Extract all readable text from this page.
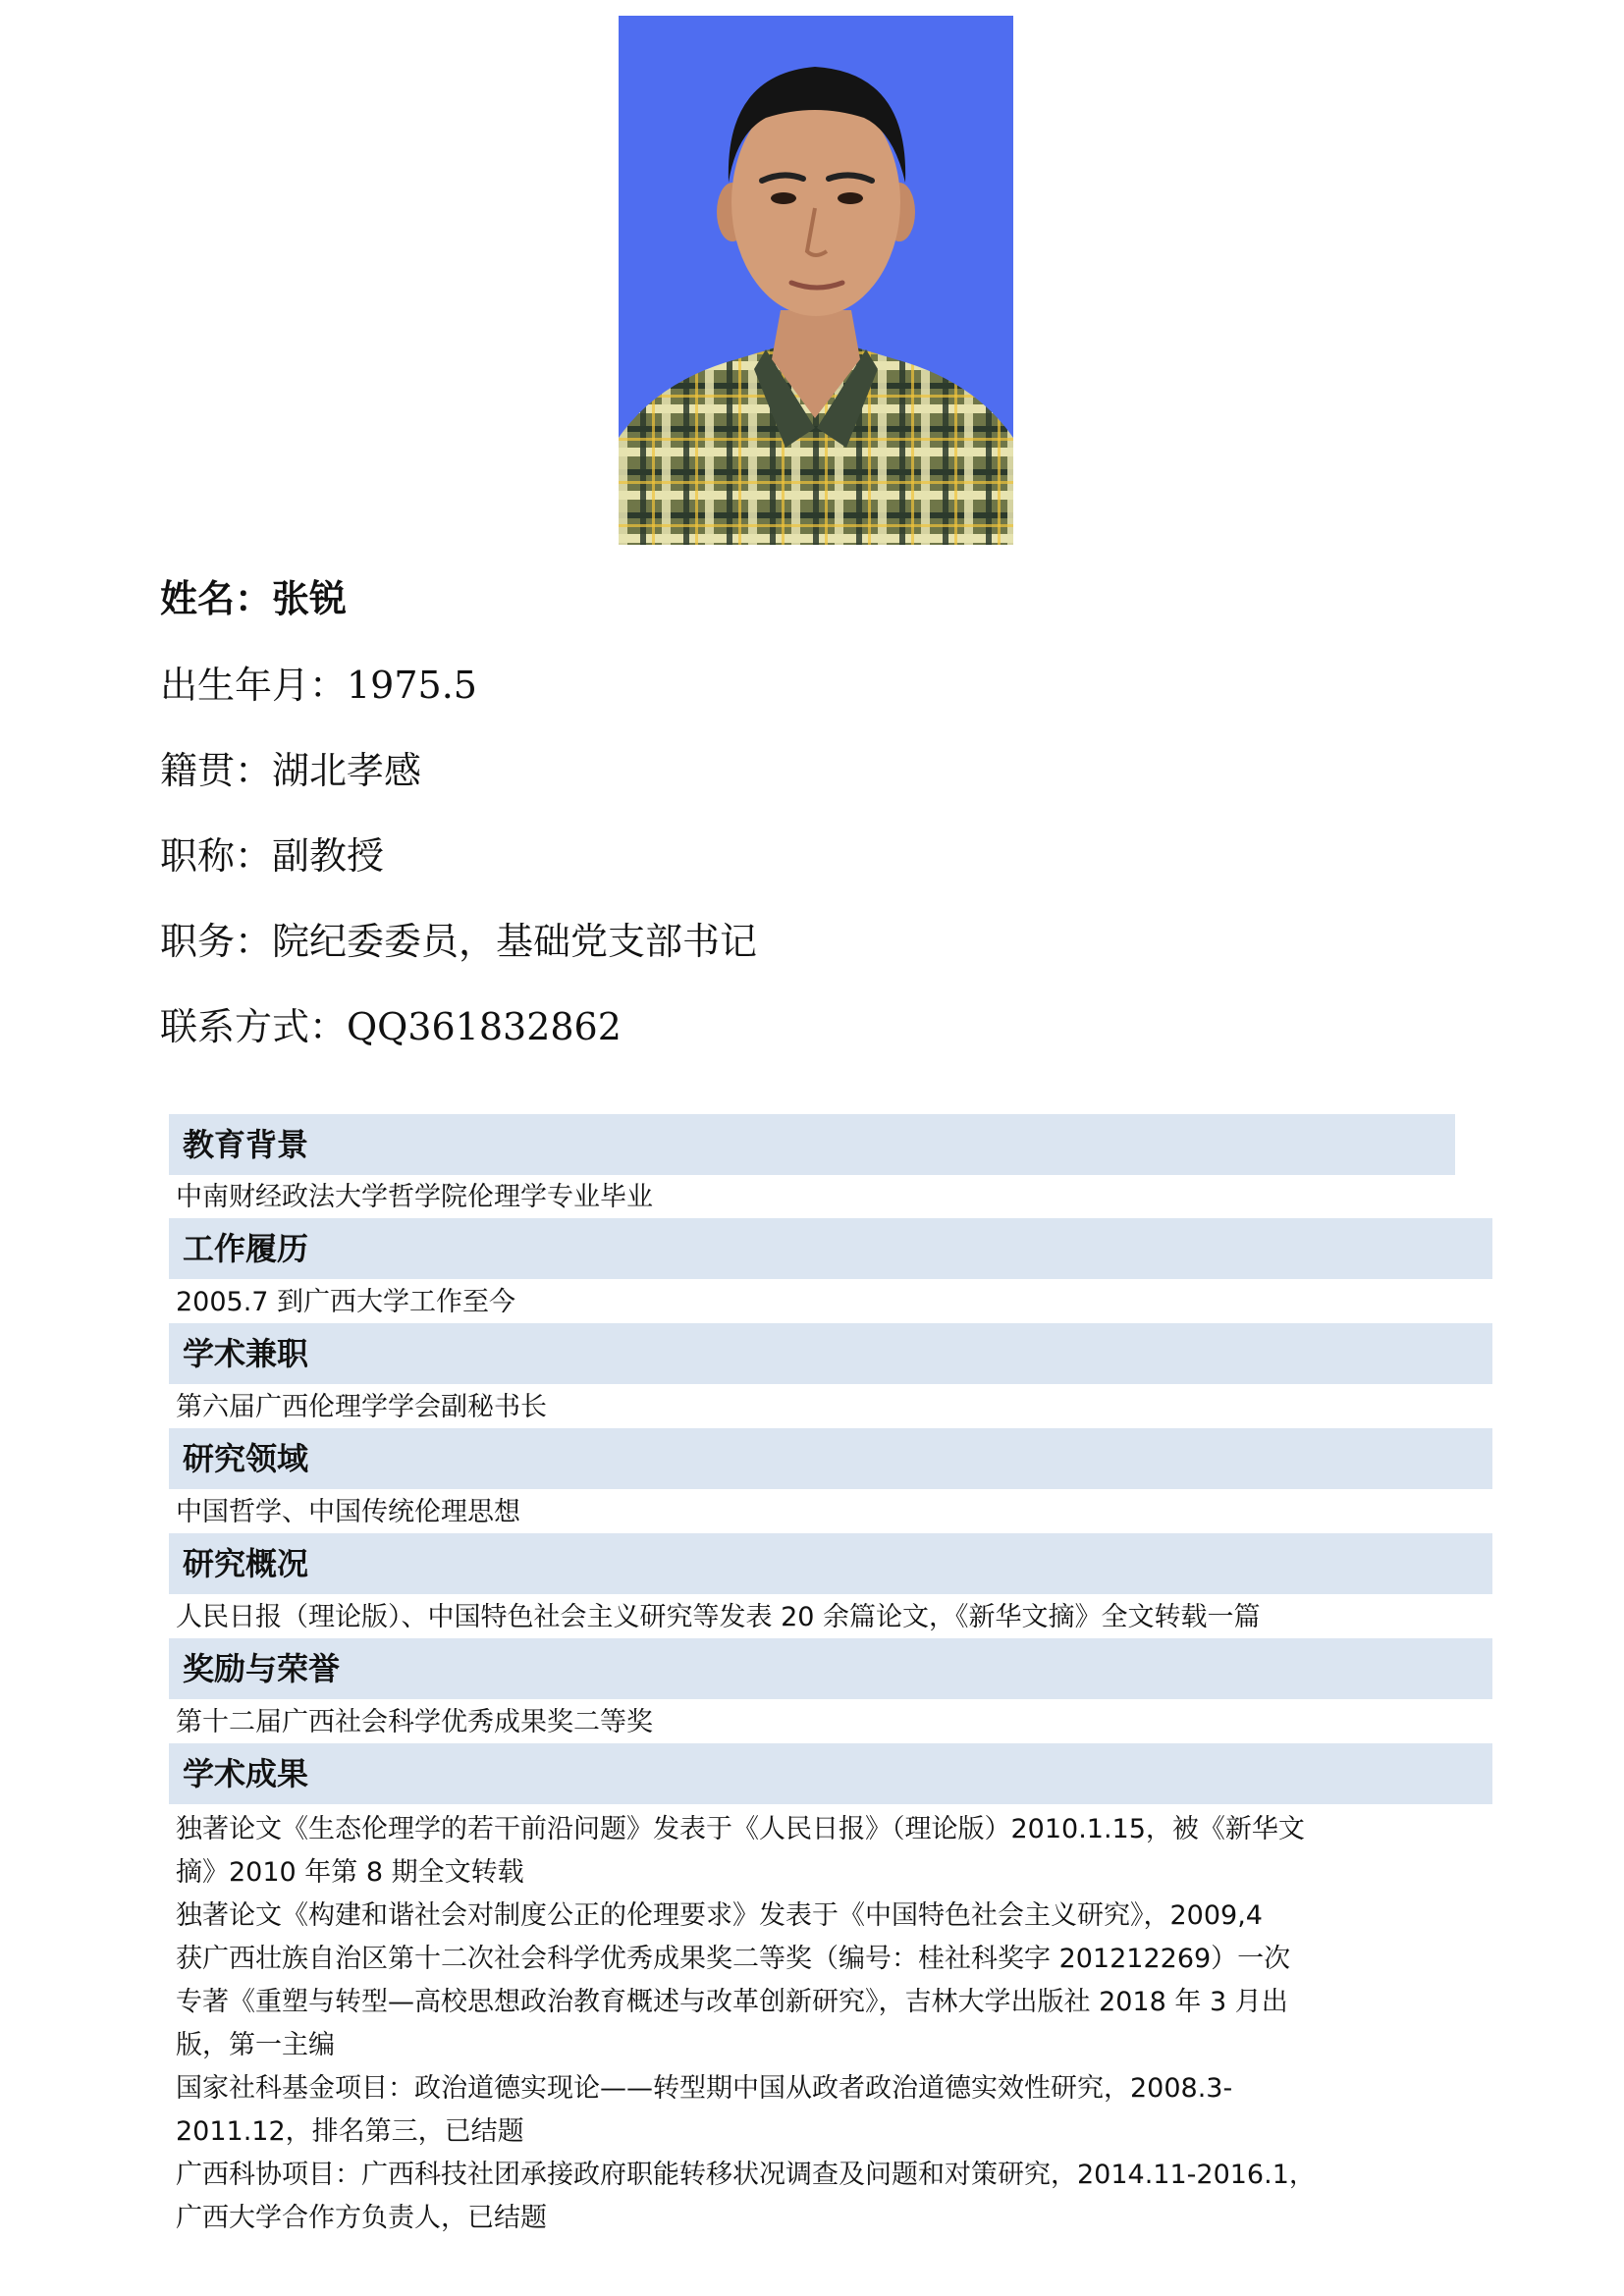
姓名：张锐
出生年月：1975.5
籍贯：湖北孝感
职称：副教授
职务：院纪委委员，基础党支部书记
联系方式：QQ361832862
教育背景
中南财经政法大学哲学院伦理学专业毕业
工作履历
2005.7 到广西大学工作至今
学术兼职
第六届广西伦理学学会副秘书长
研究领域
中国哲学、中国传统伦理思想
研究概况
人民日报（理论版）、中国特色社会主义研究等发表 20 余篇论文，《新华文摘》全文转载一篇
奖励与荣誉
第十二届广西社会科学优秀成果奖二等奖
学术成果
独著论文《生态伦理学的若干前沿问题》发表于《人民日报》（理论版）2010.1.15，被《新华文
摘》2010 年第 8 期全文转载
独著论文《构建和谐社会对制度公正的伦理要求》发表于《中国特色社会主义研究》，2009,4
获广西壮族自治区第十二次社会科学优秀成果奖二等奖（编号：桂社科奖字 201212269）一次
专著《重塑与转型—高校思想政治教育概述与改革创新研究》，吉林大学出版社 2018 年 3 月出
版，第一主编
国家社科基金项目：政治道德实现论——转型期中国从政者政治道德实效性研究，2008.3-
2011.12，排名第三，已结题
广西科协项目：广西科技社团承接政府职能转移状况调查及问题和对策研究，2014.11-2016.1，
广西大学合作方负责人，已结题
